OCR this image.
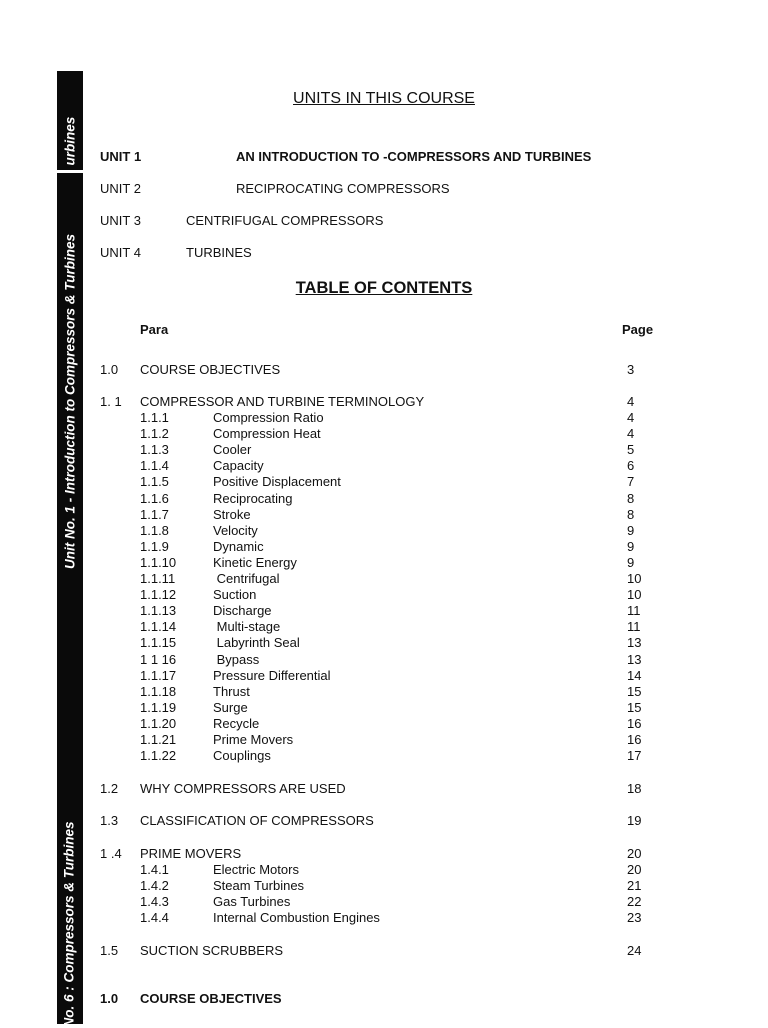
urbines
Unit No. 1 - Introduction to Compressors & Turbines
No. 6 : Compressors & Turbines
UNITS IN THIS COURSE
UNIT 1	AN INTRODUCTION TO -COMPRESSORS AND TURBINES
UNIT 2	RECIPROCATING COMPRESSORS
UNIT 3	CENTRIFUGAL COMPRESSORS
UNIT 4	TURBINES
TABLE OF CONTENTS
Para	Page
1.0 COURSE OBJECTIVES	3
1. 1 COMPRESSOR AND TURBINE TERMINOLOGY	4
1.1.1	Compression Ratio	4
1.1.2	Compression Heat	4
1.1.3	Cooler	5
1.1.4	Capacity	6
1.1.5	Positive Displacement	7
1.1.6	Reciprocating	8
1.1.7	Stroke	8
1.1.8	Velocity	9
1.1.9	Dynamic	9
1.1.10	Kinetic Energy	9
1.1.11	Centrifugal	10
1.1.12	Suction	10
1.1.13	Discharge	11
1.1.14	Multi-stage	11
1.1.15	Labyrinth Seal	13
1 1 16	Bypass	13
1.1.17	Pressure Differential	14
1.1.18	Thrust	15
1.1.19	Surge	15
1.1.20	Recycle	16
1.1.21	Prime Movers	16
1.1.22	Couplings	17
1.2 WHY COMPRESSORS ARE USED	18
1.3 CLASSIFICATION OF COMPRESSORS	19
1 .4 PRIME MOVERS	20
1.4.1	Electric Motors	20
1.4.2	Steam Turbines	21
1.4.3	Gas Turbines	22
1.4.4	Internal Combustion Engines	23
1.5 SUCTION SCRUBBERS	24
1.0 COURSE OBJECTIVES
